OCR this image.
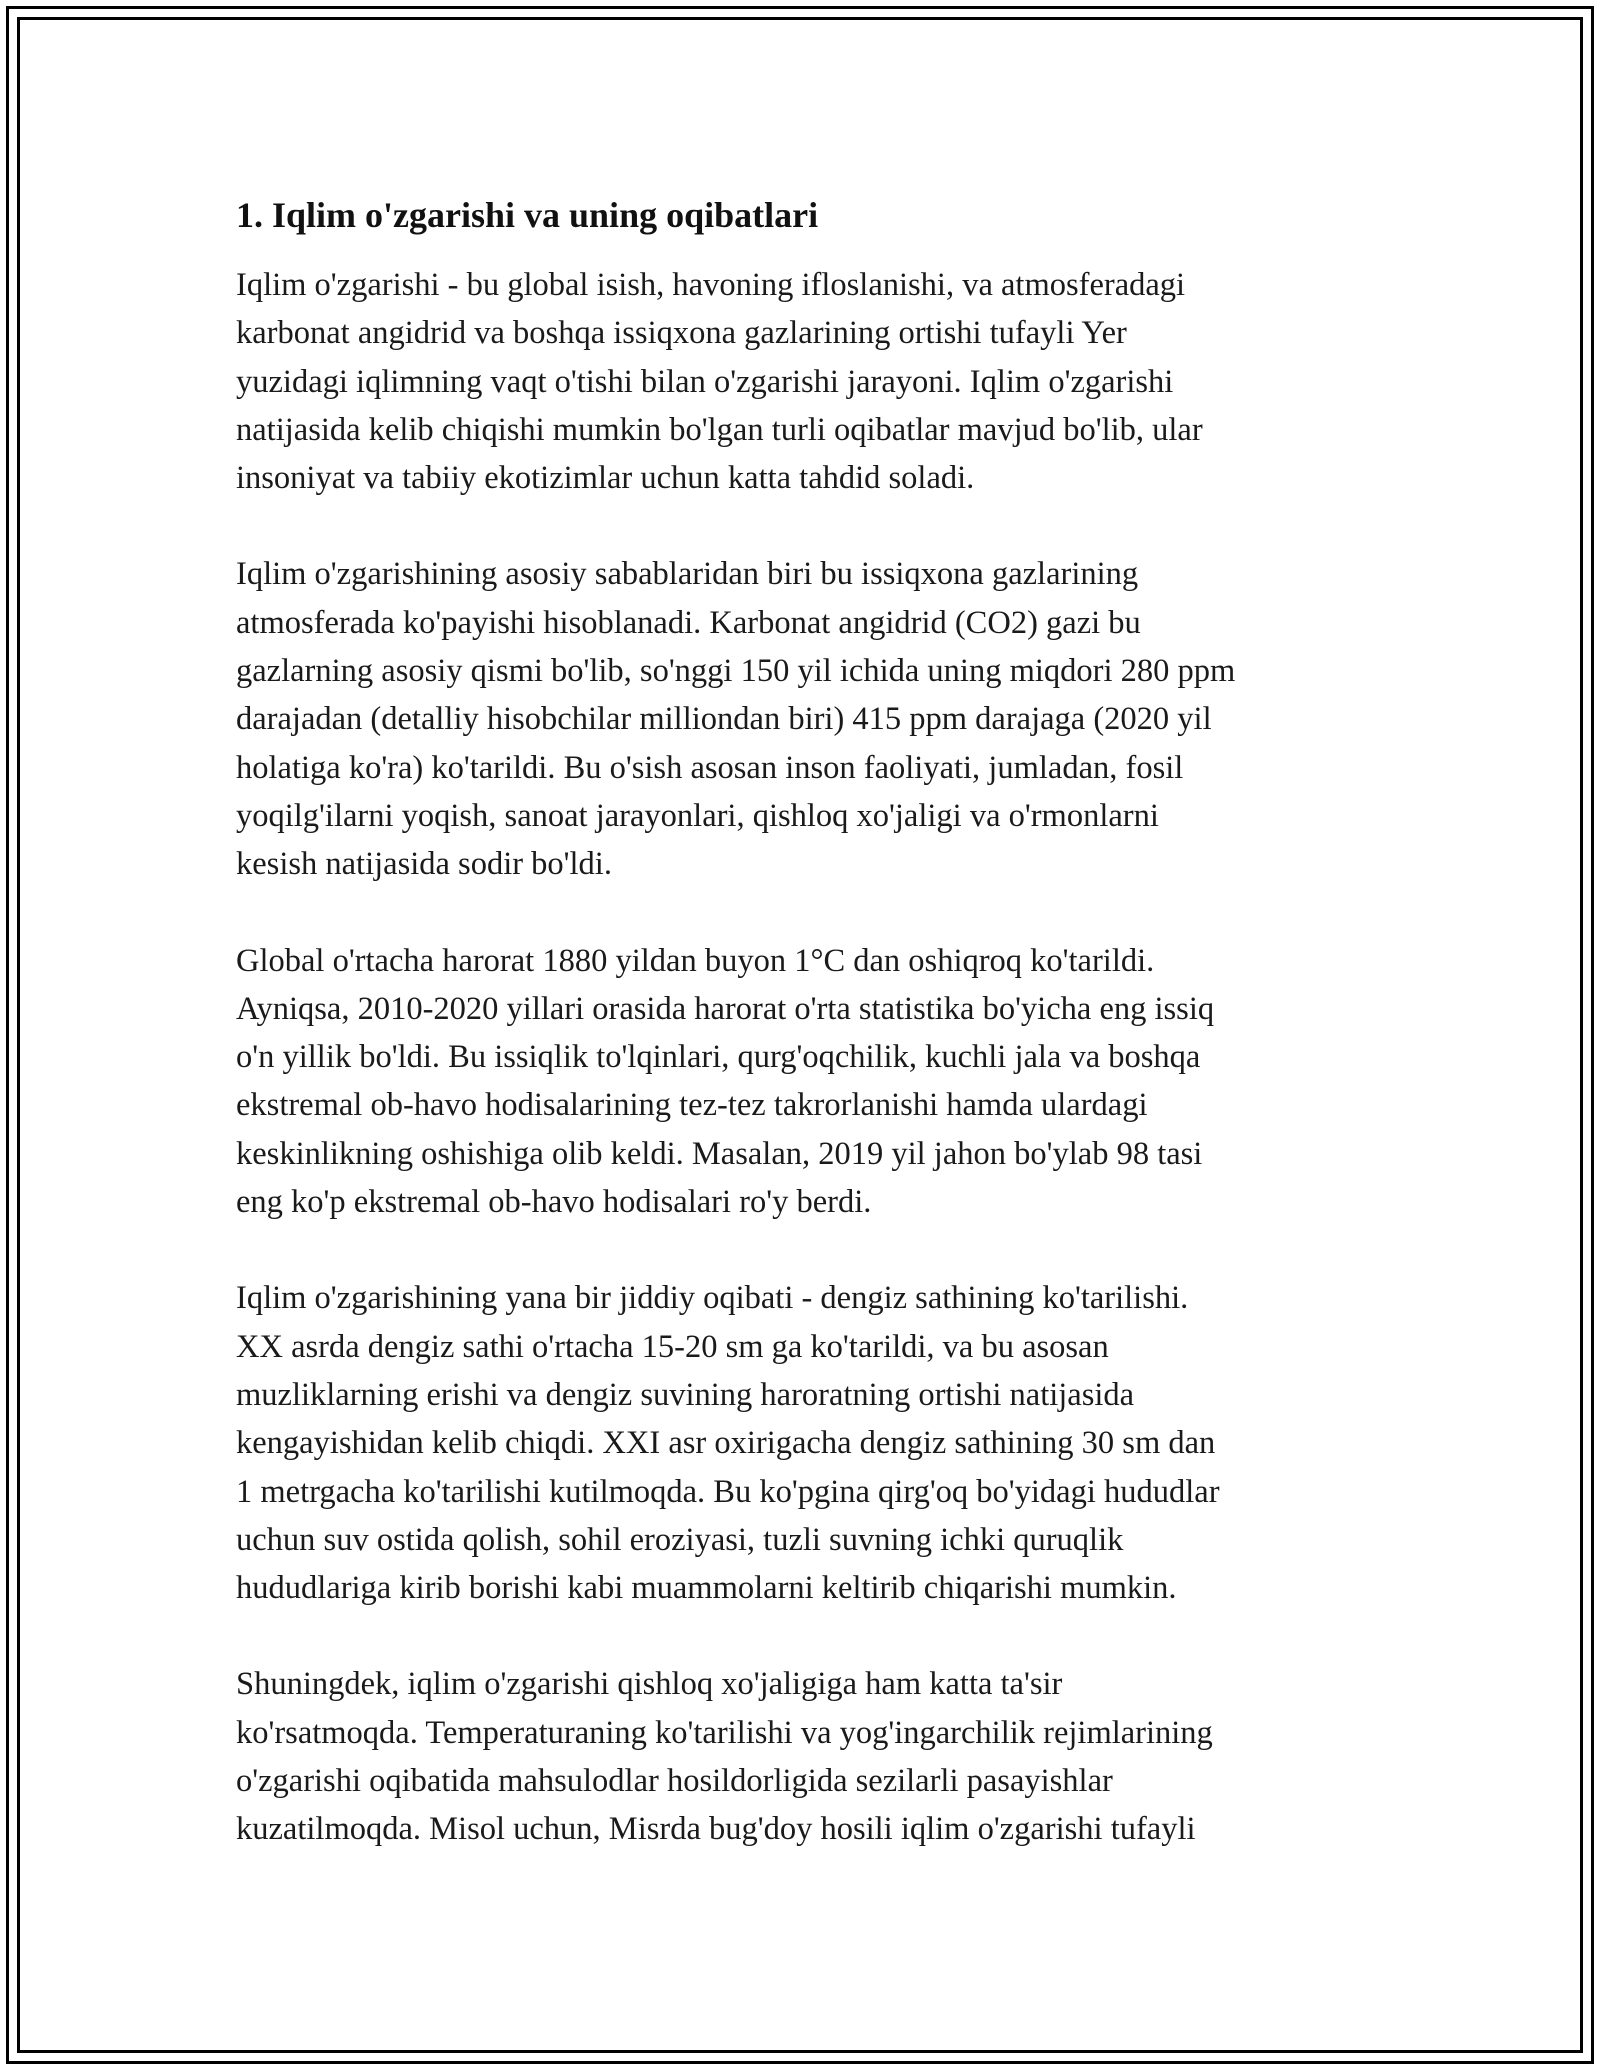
1. Iqlim o'zgarishi va uning oqibatlari

Iqlim o'zgarishi - bu global isish, havoning ifloslanishi, va atmosferadagi
karbonat angidrid va boshqa issiqxona gazlarining ortishi tufayli Yer
yuzidagi iqlimning vaqt o'tishi bilan o'zgarishi jarayoni. Iqlim o'zgarishi
natijasida kelib chiqishi mumkin bo'lgan turli oqibatlar mavjud bo'lib, ular
insoniyat va tabiiy ekotizimlar uchun katta tahdid soladi.

Iqlim o'zgarishining asosiy sabablaridan biri bu issiqxona gazlarining
atmosferada ko'payishi hisoblanadi. Karbonat angidrid (CO2) gazi bu
gazlarning asosiy qismi bo'lib, so'nggi 150 yil ichida uning miqdori 280 ppm
darajadan (detalliy hisobchilar milliondan biri) 415 ppm darajaga (2020 yil
holatiga ko'ra) ko'tarildi. Bu o'sish asosan inson faoliyati, jumladan, fosil
yoqilg'ilarni yoqish, sanoat jarayonlari, qishloq xo'jaligi va o'rmonlarni
kesish natijasida sodir bo'ldi.

Global o'rtacha harorat 1880 yildan buyon 1°C dan oshiqroq ko'tarildi.
Ayniqsa, 2010-2020 yillari orasida harorat o'rta statistika bo'yicha eng issiq
o'n yillik bo'ldi. Bu issiqlik to'lqinlari, qurg'oqchilik, kuchli jala va boshqa
ekstremal ob-havo hodisalarining tez-tez takrorlanishi hamda ulardagi
keskinlikning oshishiga olib keldi. Masalan, 2019 yil jahon bo'ylab 98 tasi
eng ko'p ekstremal ob-havo hodisalari ro'y berdi.

Iqlim o'zgarishining yana bir jiddiy oqibati - dengiz sathining ko'tarilishi.
XX asrda dengiz sathi o'rtacha 15-20 sm ga ko'tarildi, va bu asosan
muzliklarning erishi va dengiz suvining haroratning ortishi natijasida
kengayishidan kelib chiqdi. XXI asr oxirigacha dengiz sathining 30 sm dan
1 metrgacha ko'tarilishi kutilmoqda. Bu ko'pgina qirg'oq bo'yidagi hududlar
uchun suv ostida qolish, sohil eroziyasi, tuzli suvning ichki quruqlik
hududlariga kirib borishi kabi muammolarni keltirib chiqarishi mumkin.

Shuningdek, iqlim o'zgarishi qishloq xo'jaligiga ham katta ta'sir
ko'rsatmoqda. Temperaturaning ko'tarilishi va yog'ingarchilik rejimlarining
o'zgarishi oqibatida mahsulodlar hosildorligida sezilarli pasayishlar
kuzatilmoqda. Misol uchun, Misrda bug'doy hosili iqlim o'zgarishi tufayli
